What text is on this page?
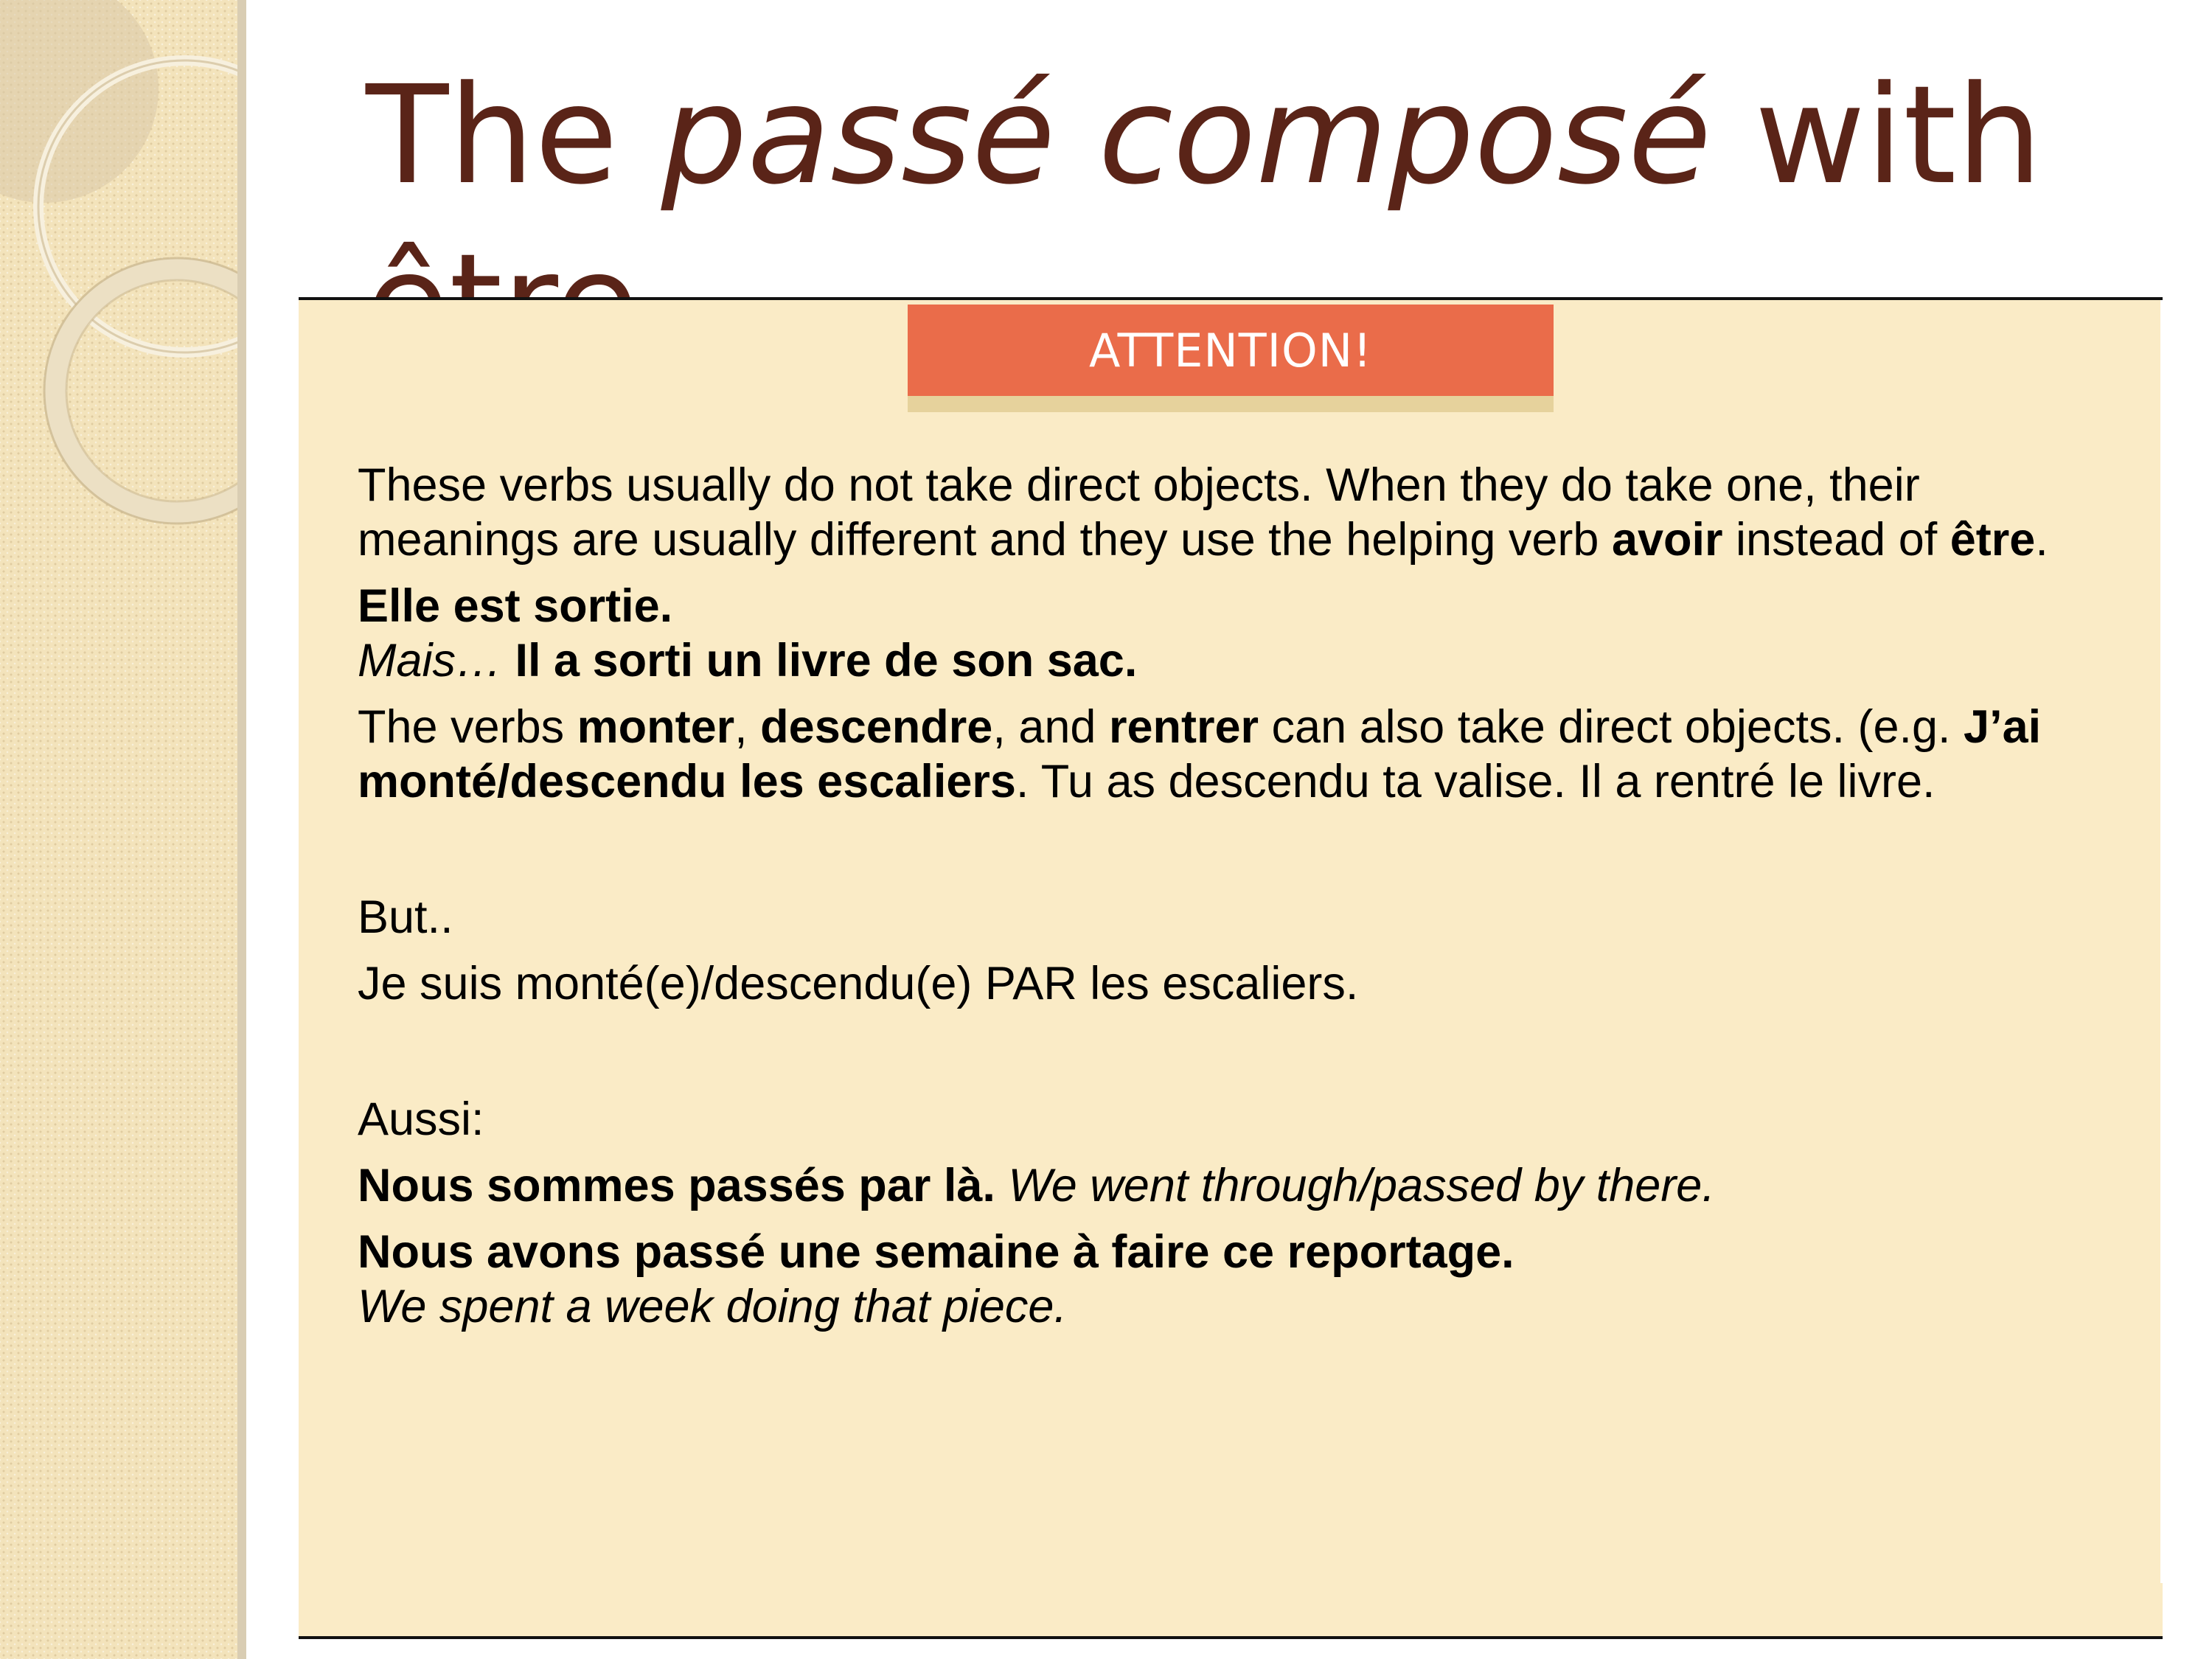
The passé composé with
ATTENTION!

These verbs usually do not take direct objects. When they do take one, their meanings are usually different and they use the helping verb avoir instead of être.

Elle est sortie.
Mais… Il a sorti un livre de son sac.

The verbs monter, descendre, and rentrer can also take direct objects. (e.g. J’ai monté/descendu les escaliers. Tu as descendu ta valise. Il a rentré le livre.

But..

Je suis monté(e)/descendu(e) PAR les escaliers.

Aussi:

Nous sommes passés par là. We went through/passed by there.

Nous avons passé une semaine à faire ce reportage.
We spent a week doing that piece.
